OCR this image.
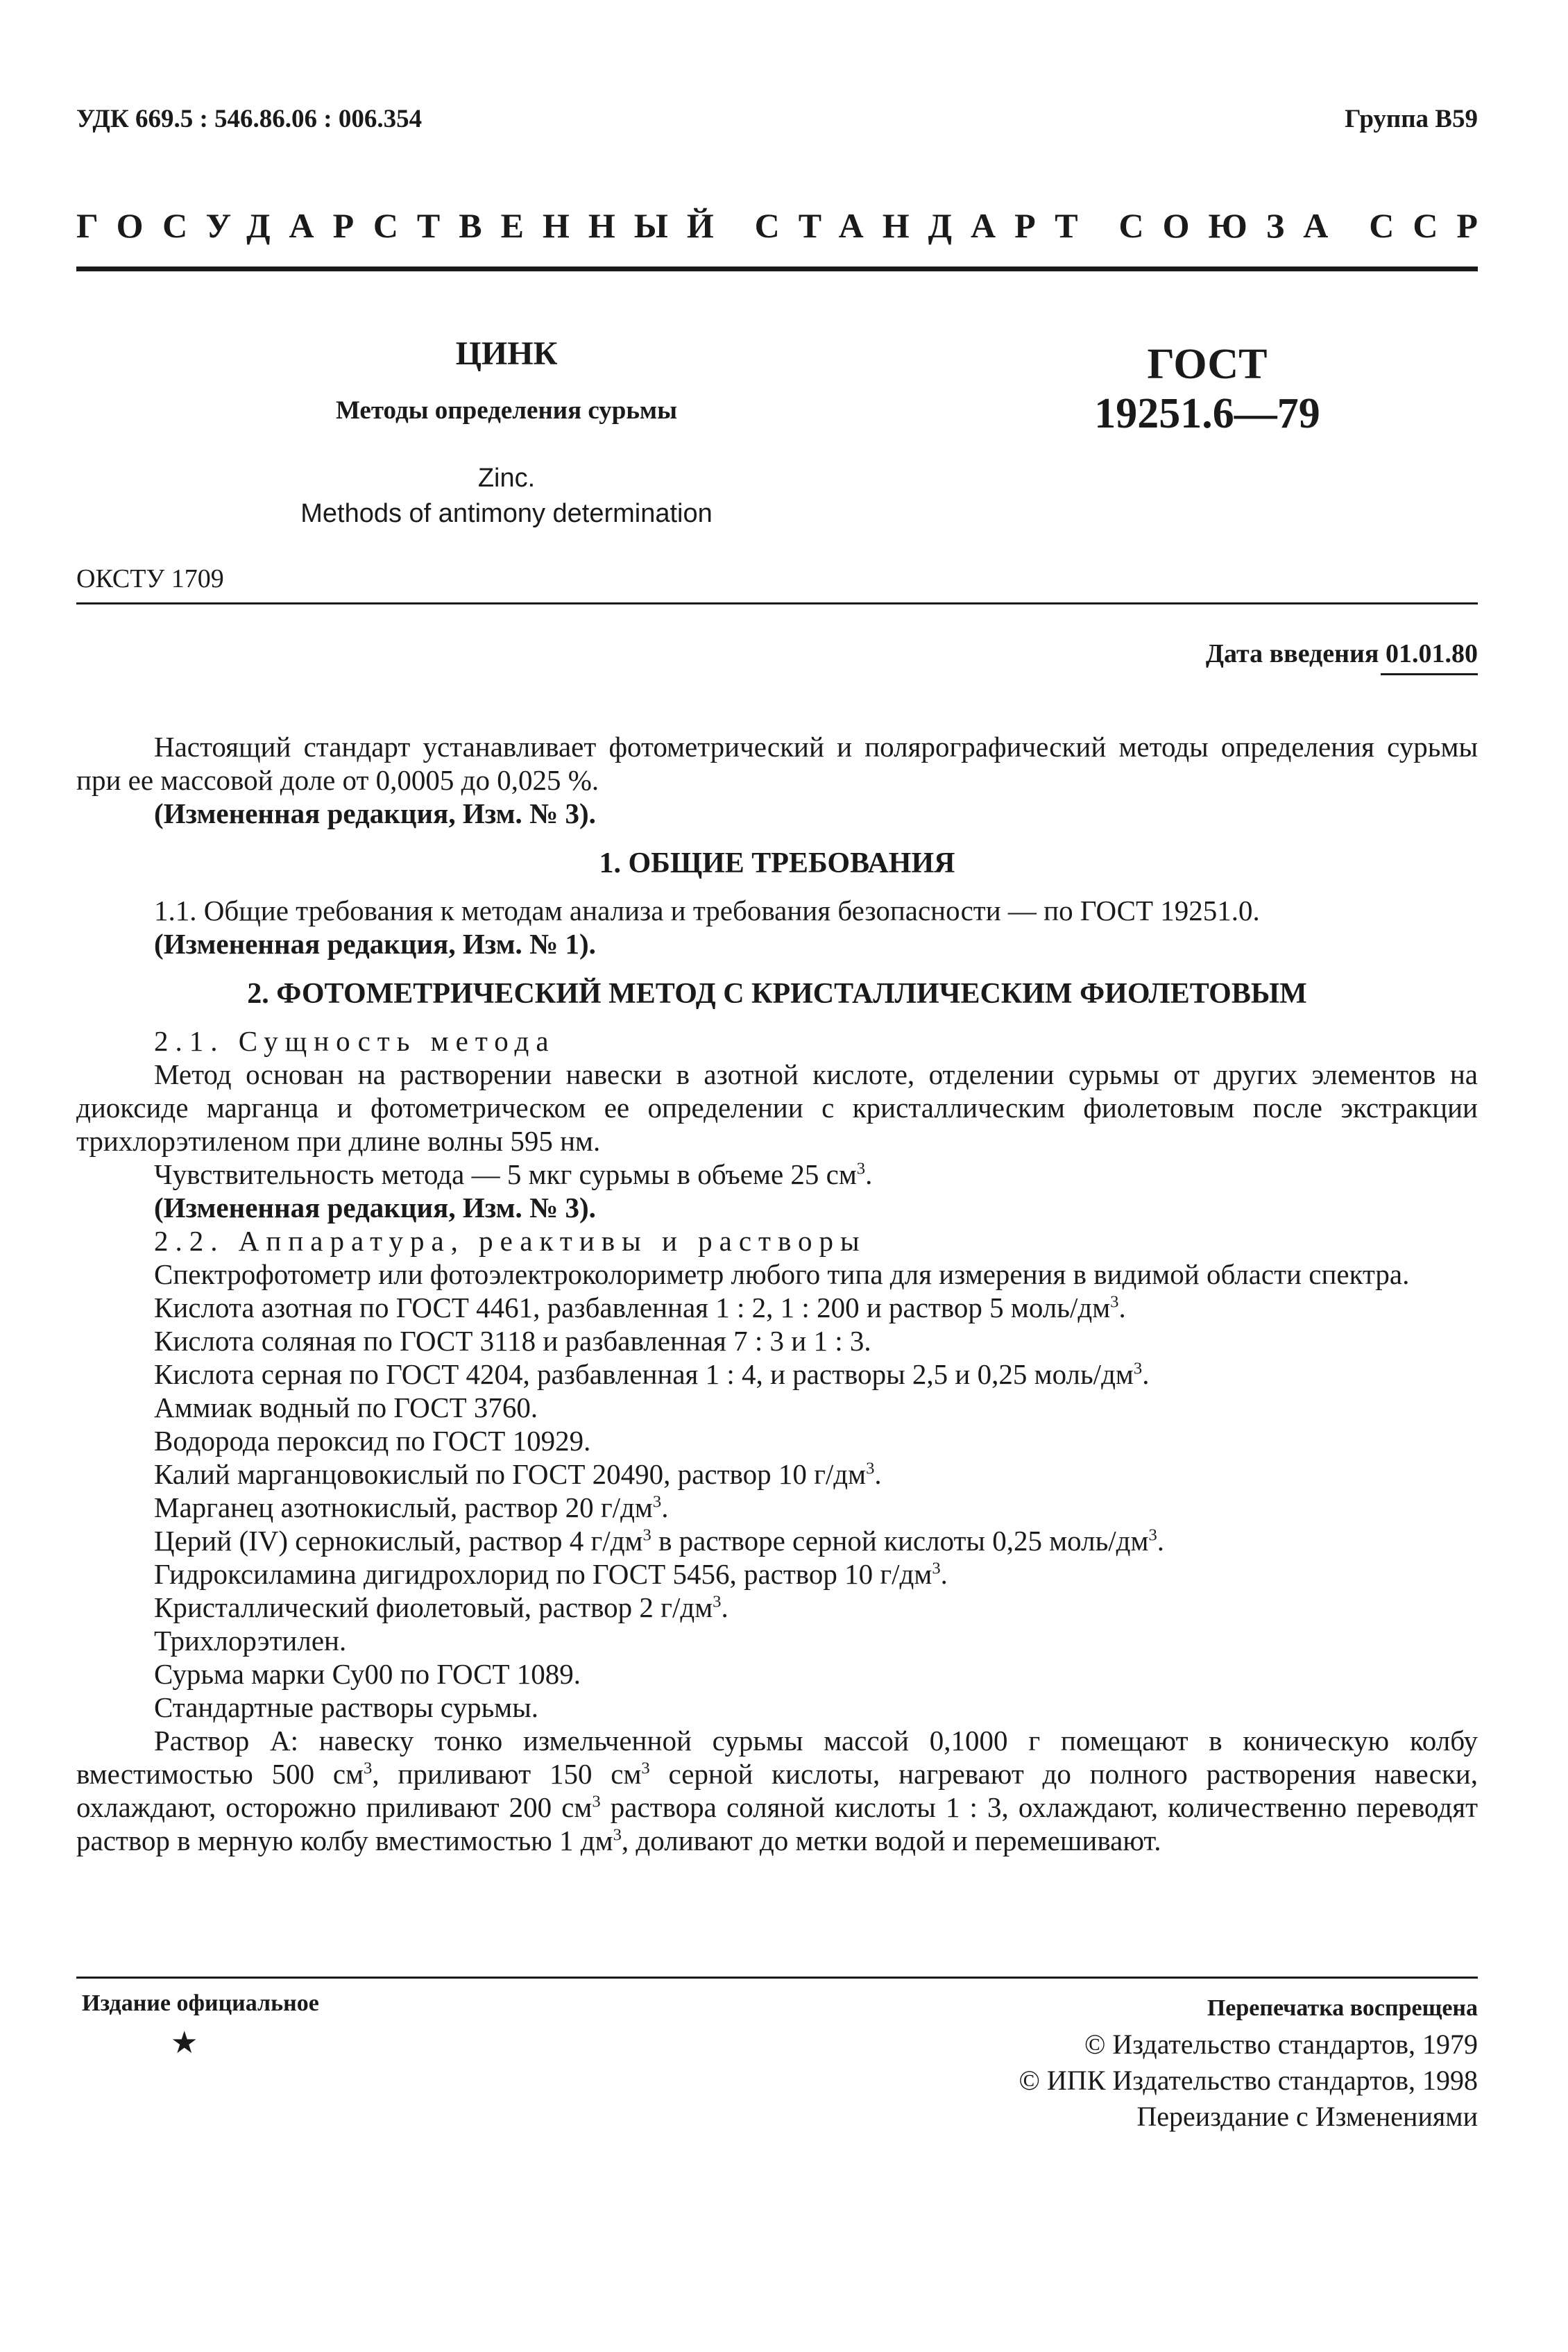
УДК 669.5 : 546.86.06 : 006.354	Группа В59
ГОСУДАРСТВЕННЫЙ СТАНДАРТ СОЮЗА ССР
ЦИНК
Методы определения сурьмы
ГОСТ
19251.6—79
Zinc.
Methods of antimony determination
ОКСТУ 1709
Дата введения 01.01.80

Настоящий стандарт устанавливает фотометрический и полярографический методы определения сурьмы при ее массовой доле от 0,0005 до 0,025 %.

(Измененная редакция, Изм. № 3).

1. ОБЩИЕ ТРЕБОВАНИЯ

1.1. Общие требования к методам анализа и требования безопасности — по ГОСТ 19251.0.

(Измененная редакция, Изм. № 1).

2. ФОТОМЕТРИЧЕСКИЙ МЕТОД С КРИСТАЛЛИЧЕСКИМ ФИОЛЕТОВЫМ

2.1. Сущность метода

Метод основан на растворении навески в азотной кислоте, отделении сурьмы от других элементов на диоксиде марганца и фотометрическом ее определении с кристаллическим фиолетовым после экстракции трихлорэтиленом при длине волны 595 нм.

Чувствительность метода — 5 мкг сурьмы в объеме 25 $см^3$.

(Измененная редакция, Изм. № 3).

2.2. Аппаратура, реактивы и растворы

Спектрофотометр или фотоэлектроколориметр любого типа для измерения в видимой области спектра.

Кислота азотная по ГОСТ 4461, разбавленная 1 : 2, 1 : 200 и раствор 5 моль/$дм^3$.

Кислота соляная по ГОСТ 3118 и разбавленная 7 : 3 и 1 : 3.

Кислота серная по ГОСТ 4204, разбавленная 1 : 4, и растворы 2,5 и 0,25 моль/$дм^3$.

Аммиак водный по ГОСТ 3760.

Водорода пероксид по ГОСТ 10929.

Калий марганцовокислый по ГОСТ 20490, раствор 10 $г/дм^3$.

Марганец азотнокислый, раствор 20 $г/дм^3$.

Церий (IV) сернокислый, раствор 4 $г/дм^3$ в растворе серной кислоты 0,25 моль/$дм^3$.

Гидроксиламина дигидрохлорид по ГОСТ 5456, раствор 10 $г/дм^3$.

Кристаллический фиолетовый, раствор 2 $г/дм^3$.

Трихлорэтилен.

Сурьма марки Су00 по ГОСТ 1089.

Стандартные растворы сурьмы.

Раствор А: навеску тонко измельченной сурьмы массой 0,1000 г помещают в коническую колбу вместимостью 500 $см^3$, приливают 150 $см^3$ серной кислоты, нагревают до полного растворения навески, охлаждают, осторожно приливают 200 $см^3$ раствора соляной кислоты 1 : 3, охлаждают, количественно переводят раствор в мерную колбу вместимостью 1 $дм^3$, доливают до метки водой и перемешивают.

Издание официальное
★
Перепечатка воспрещена
© Издательство стандартов, 1979
© ИПК Издательство стандартов, 1998
Переиздание с Изменениями
